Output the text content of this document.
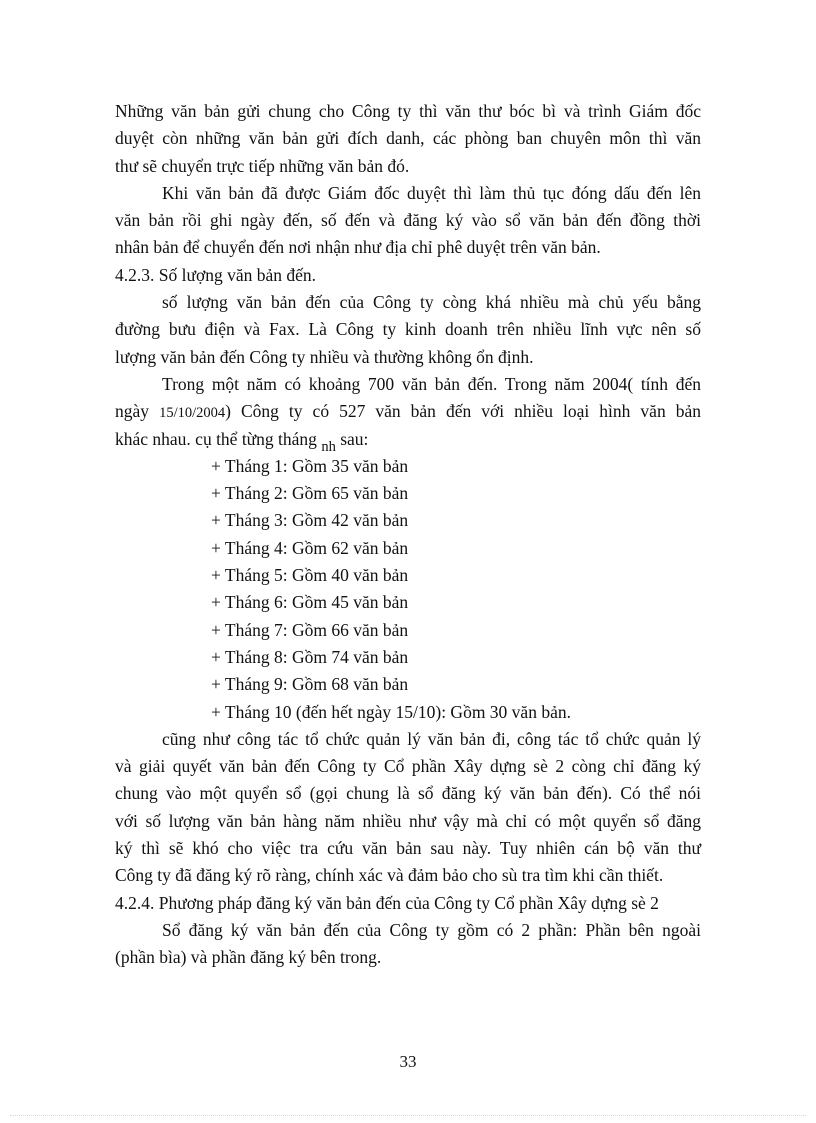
Những văn bản gửi chung cho Công ty thì văn thư bóc bì và trình Giám đốc
duyệt còn những văn bản gửi đích danh, các phòng ban chuyên môn thì văn
thư sẽ chuyển trực tiếp những văn bản đó.
Khi văn bản đã được Giám đốc duyệt thì làm thủ tục đóng dấu đến lên
văn bản rồi ghi ngày đến, số đến và đăng ký vào sổ văn bản đến đồng thời
nhân bản để chuyển đến nơi nhận như địa chỉ phê duyệt trên văn bản.
4.2.3. Số lượng văn bản đến.
số lượng văn bản đến của Công ty còng khá nhiều mà chủ yếu bằng
đường bưu điện và Fax. Là Công ty kinh doanh trên nhiều lĩnh vực nên số
lượng văn bản đến Công ty nhiều và thường không ổn định.
Trong một năm có khoảng 700 văn bản đến. Trong năm 2004( tính đến
ngày 15/10/2004) Công ty có 527 văn bản đến với nhiều loại hình văn bản
khác nhau. cụ thể từng tháng $_{nh}$ sau:
+ Tháng 1: Gồm 35 văn bản
+ Tháng 2: Gồm 65 văn bản
+ Tháng 3: Gồm 42 văn bản
+ Tháng 4: Gồm 62 văn bản
+ Tháng 5: Gồm 40 văn bản
+ Tháng 6: Gồm 45 văn bản
+ Tháng 7: Gồm 66 văn bản
+ Tháng 8: Gồm 74 văn bản
+ Tháng 9: Gồm 68 văn bản
+ Tháng 10 (đến hết ngày 15/10): Gồm 30 văn bản.
cũng như công tác tổ chức quản lý văn bản đi, công tác tổ chức quản lý
và giải quyết văn bản đến Công ty Cổ phần Xây dựng sè 2 còng chỉ đăng ký
chung vào một quyển sổ (gọi chung là sổ đăng ký văn bản đến). Có thể nói
với số lượng văn bản hàng năm nhiều như vậy mà chỉ có một quyển sổ đăng
ký thì sẽ khó cho việc tra cứu văn bản sau này. Tuy nhiên cán bộ văn thư
Công ty đã đăng ký rõ ràng, chính xác và đảm bảo cho sù tra tìm khi cần thiết.
4.2.4. Phương pháp đăng ký văn bản đến của Công ty Cổ phần Xây dựng sè 2
Sổ đăng ký văn bản đến của Công ty gồm có 2 phần: Phần bên ngoài
(phần bìa) và phần đăng ký bên trong.
33
